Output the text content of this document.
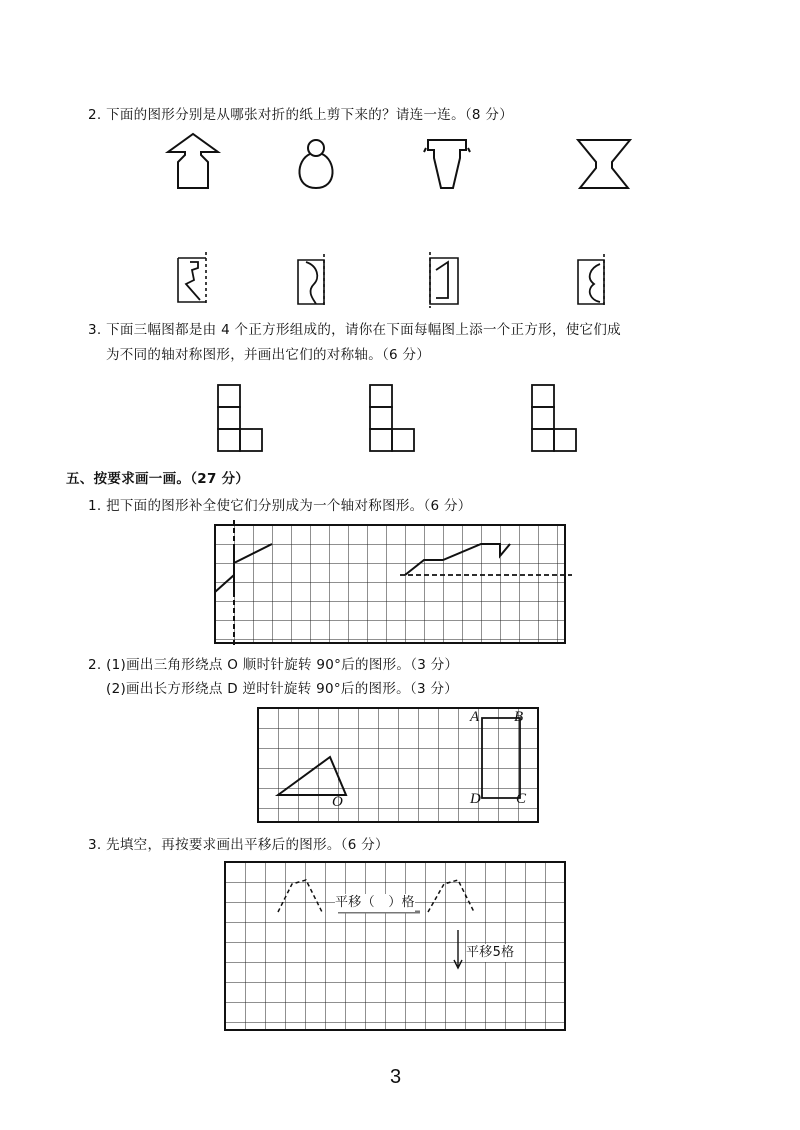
2. 下面的图形分别是从哪张对折的纸上剪下来的？请连一连。（8 分）
3. 下面三幅图都是由 4 个正方形组成的，请你在下面每幅图上添一个正方形，使它们成
为不同的轴对称图形，并画出它们的对称轴。（6 分）
五、按要求画一画。（27 分）
1. 把下面的图形补全使它们分别成为一个轴对称图形。（6 分）
2. (1)画出三角形绕点 O 顺时针旋转 90°后的图形。（3 分）
(2)画出长方形绕点 D 逆时针旋转 90°后的图形。（3 分）
3. 先填空，再按要求画出平移后的图形。（6 分）
A B
D C
O
平移（　）格
平移5格
3
